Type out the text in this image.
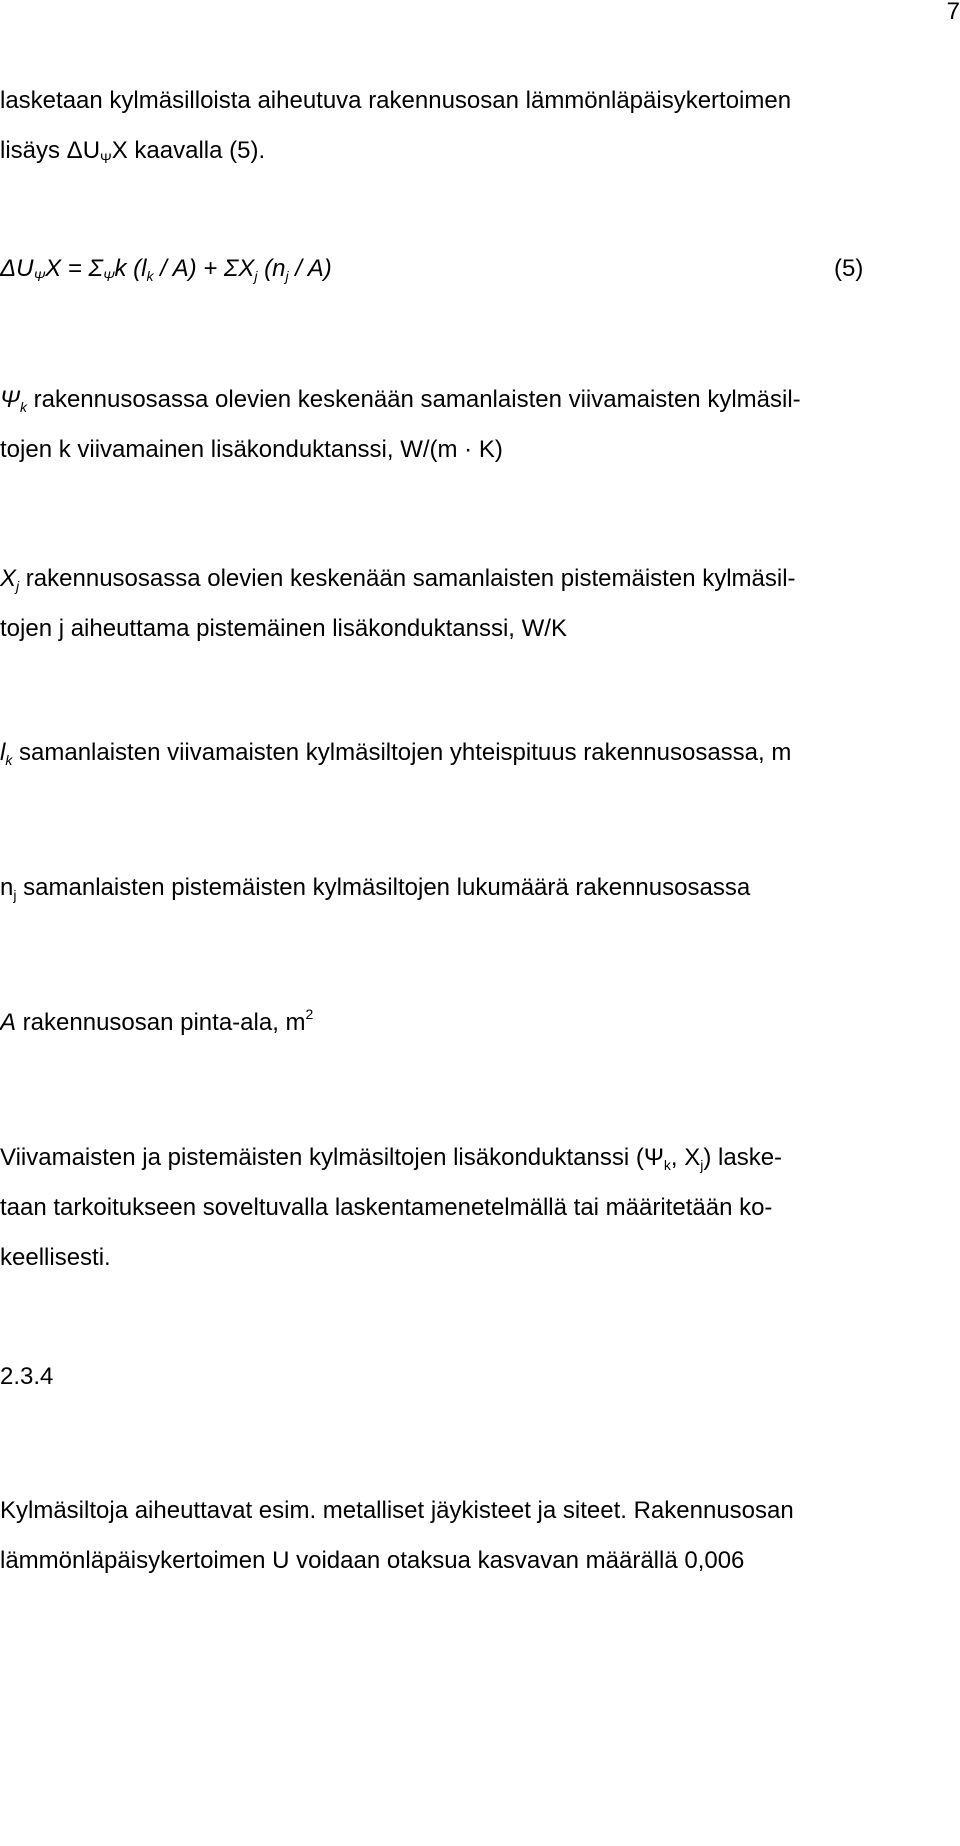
7
lasketaan kylmäsilloista aiheutuva rakennusosan lämmönläpäisykertoimen
lisäys $\Delta U_\Psi X$ kaavalla (5).
$\Delta U_\Psi X = \Sigma_\Psi k$ $(l_k / A) + \Sigma X_j$ $(n_j / A)$	(5)
$\Psi_k$ rakennusosassa olevien keskenään samanlaisten viivamaisten kylmäsil-
tojen k viivamainen lisäkonduktanssi, W/(m · K)
$X_j$ rakennusosassa olevien keskenään samanlaisten pistemäisten kylmäsil-
tojen j aiheuttama pistemäinen lisäkonduktanssi, W/K
$l_k$ samanlaisten viivamaisten kylmäsiltojen yhteispituus rakennusosassa, m
$n_j$ samanlaisten pistemäisten kylmäsiltojen lukumäärä rakennusosassa
A rakennusosan pinta-ala, $m^2$
Viivamaisten ja pistemäisten kylmäsiltojen lisäkonduktanssi ($\Psi_k$, $X_j$) laske-
taan tarkoitukseen soveltuvalla laskentamenetelmällä tai määritetään ko-
keellisesti.
2.3.4
Kylmäsiltoja aiheuttavat esim. metalliset jäykisteet ja siteet. Rakennusosan
lämmönläpäisykertoimen U voidaan otaksua kasvavan määrällä 0,006
